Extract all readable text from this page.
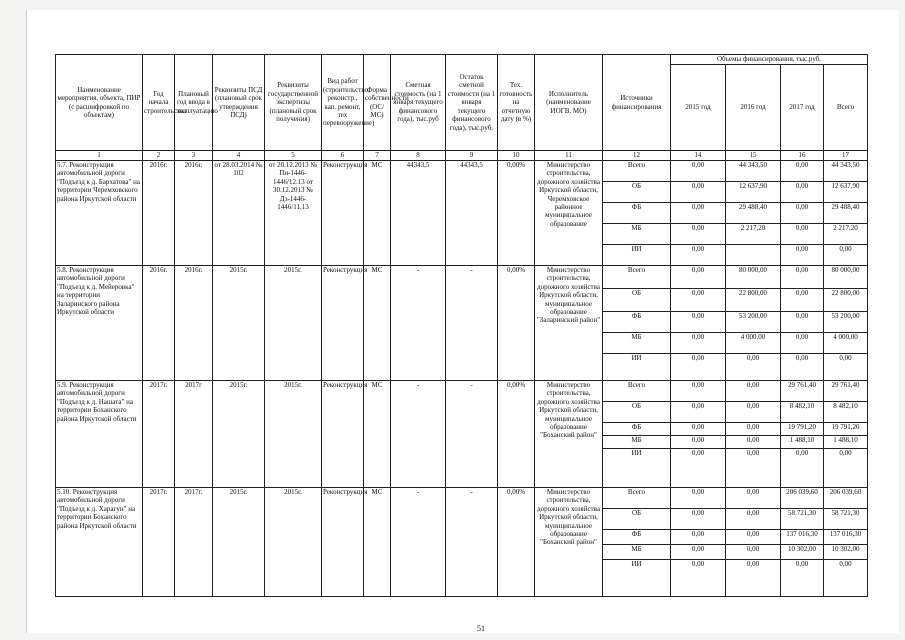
Наименование мероприятия, объекта, ПИР (с расшифровкой по объектам)	Год начала строительства	Плановый год ввода в эксплуатацию	Реквизиты ПСД (плановый срок утверждения ПСД)	Реквизиты государственной экспертизы (плановый срок получения)	Вид работ (строительство, реконстр., кап. ремонт, тех перевооружение)	Форма собственности (ОС/МС)	Сметная стоимость (на 1 января текущего финансового года), тыс.руб	Остаток сметной стоимости (на 1 января текущего финансового года), тыс.руб.	Тех. готовность на отчетную дату (в %)	Исполнитель (наименование ИОГВ, МО)	Источники финансирования	Объемы финансирования, тыс.руб.			
												2015 год	2016 год	2017 год	Всего
1	2	3	4	5	6	7	8	9	10	11	12	14	15	16	17
5.7. Реконструкция автомобильной дороги "Подъезд к д. Бархатова" на территории Черемховского района Иркутской области	2016г.	2016г.	от 28.03.2014 № 102	от 20.12.2013 № Пи-1446-1446/12.13 от 30.12.2013 № Дз-1446-1446/11.13	Реконструкция	МС	44343,5	44343,5	0,00%	Министерство строительства, дорожного хозяйства Иркутской области, Черемховское районное муниципальное образование	Всего	0,00	44 343,50	0,00	44 343,50
											ОБ	0,00	12 637,90	0,00	12 637,90
											ФБ	0,00	29 488,40	0,00	29 488,40
											МБ	0,00	2 217,20	0,00	2 217,20
											ИИ	0,00		0,00	0,00
5.8. Реконструкция автомобильной дороги "Подъезд к д. Мейеровка" на территории Заларинского района Иркутской области	2016г.	2016г.	2015г.	2015г.	Реконструкция	МС	-	-	0,00%	Министерство строительства, дорожного хозяйства Иркутской области, муниципальное образование "Заларинский район"	Всего	0,00	80 000,00	0,00	80 000,00
											ОБ	0,00	22 800,00	0,00	22 800,00
											ФБ	0,00	53 200,00	0,00	53 200,00
											МБ	0,00	4 000,00	0,00	4 000,00
											ИИ	0,00	0,00	0,00	0,00
5.9. Реконструкция автомобильной дороги "Подъезд к д. Нашата" на территории Боханского района Иркутской области	2017г.	2017г	2015г.	2015г.	Реконструкция	МС	-	-	0,00%	Министерство строительства, дорожного хозяйства Иркутской области, муниципальное образование "Боханский район"	Всего	0,00	0,00	29 761,40	29 761,40
											ОБ	0,00	0,00	8 482,10	8 482,10
											ФБ	0,00	0,00	19 791,20	19 791,20
											МБ	0,00	0,00	1 488,10	1 488,10
											ИИ	0,00	0,00	0,00	0,00
5.10. Реконструкция автомобильной дороги "Подъезд к д. Харагун" на территории Боханского района Иркутской области	2017г.	2017г.	2015г.	2015г.	Реконструкция	МС	-	-	0,00%	Министерство строительства, дорожного хозяйства Иркутской области, муниципальное образование "Боханский район"	Всего	0,00	0,00	206 039,60	206 039,60
											ОБ	0,00	0,00	58 721,30	58 721,30
											ФБ	0,00	0,00	137 016,30	137 016,30
											МБ	0,00	0,00	10 302,00	10 302,00
											ИИ	0,00	0,00	0,00	0,00
51
